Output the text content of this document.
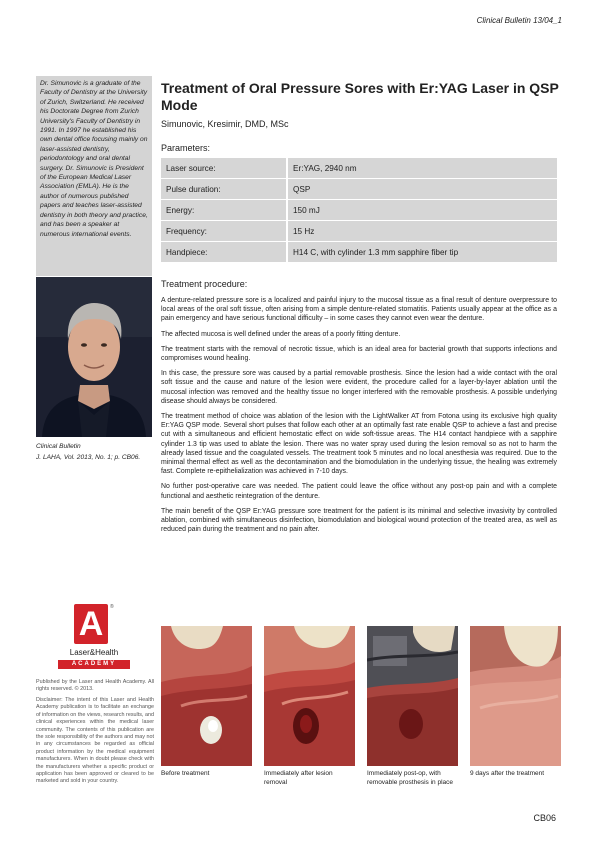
Clinical Bulletin 13/04_1

Dr. Simunovic is a graduate of the Faculty of Dentistry at the University of Zurich, Switzerland. He received his Doctorate Degree from Zurich University's Faculty of Dentistry in 1991. In 1997 he established his own dental office focusing mainly on laser-assisted dentistry, periodontology and oral dental surgery. Dr. Simunovic is President of the European Medical Laser Association (EMLA). He is the author of numerous published papers and teaches laser-assisted dentistry in both theory and practice, and has been a speaker at numerous international events.

Clinical Bulletin
J. LAHA, Vol. 2013, No. 1; p. CB06.
A	®
Laser&Health
ACADEMY

Published by the Laser and Health Academy. All rights reserved. © 2013.

Disclaimer: The intent of this Laser and Health Academy publication is to facilitate an exchange of information on the views, research results, and clinical experiences within the medical laser community. The contents of this publication are the sole responsibility of the authors and may not in any circumstances be regarded as official product information by the medical equipment manufacturers. When in doubt please check with the manufacturers whether a specific product or application has been approved or cleared to be marketed and sold in your country.

Treatment of Oral Pressure Sores with Er:YAG Laser in QSP Mode
Simunovic, Kresimir, DMD, MSc
Parameters:
Laser source:	Er:YAG, 2940 nm
Pulse duration:	QSP
Energy:	150 mJ
Frequency:	15 Hz
Handpiece:	H14 C, with cylinder 1.3 mm sapphire fiber tip
Treatment procedure:

A denture-related pressure sore is a localized and painful injury to the mucosal tissue as a final result of denture overpressure to local areas of the oral soft tissue, often arising from a simple denture-related stomatitis. Patients usually appear at the office as a pain emergency and have serious functional difficulty – in some cases they cannot even wear the denture.

The affected mucosa is well defined under the areas of a poorly fitting denture.

The treatment starts with the removal of necrotic tissue, which is an ideal area for bacterial growth that supports infections and compromises wound healing.

In this case, the pressure sore was caused by a partial removable prosthesis. Since the lesion had a wide contact with the oral soft tissue and the cause and nature of the lesion were evident, the procedure called for a layer-by-layer ablation until the mucosal infection was removed and the healthy tissue no longer interfered with the removable prosthesis. A possible underlying disease should always be considered.

The treatment method of choice was ablation of the lesion with the LightWalker AT from Fotona using its exclusive high quality Er:YAG QSP mode. Several short pulses that follow each other at an optimally fast rate enable QSP to achieve a fast and precise cut with a simultaneous and efficient hemostatic effect on wide soft-tissue areas. The H14 contact handpiece with a sapphire cylinder 1.3 tip was used to ablate the lesion. There was no water spray used during the lesion removal so as not to harm the already lased tissue and the coagulated vessels. The treatment took 5 minutes and no local anesthesia was required. Due to the minimal thermal effect as well as the decontamination and the biomodulation in the underlying tissue, the healing was extremely fast. Complete re-epithelialization was achieved in 7-10 days.

No further post-operative care was needed. The patient could leave the office without any post-op pain and with a complete functional and aesthetic reintegration of the denture.

The main benefit of the QSP Er:YAG pressure sore treatment for the patient is its minimal and selective invasivity by controlled ablation, combined with simultaneous disinfection, biomodulation and biological wound protection of the treated area, as well as reduced pain during the treatment and no pain after.

Before treatment	Immediately after lesion removal
Immediately post-op, with removable prosthesis in place
9 days after the treatment
CB06
